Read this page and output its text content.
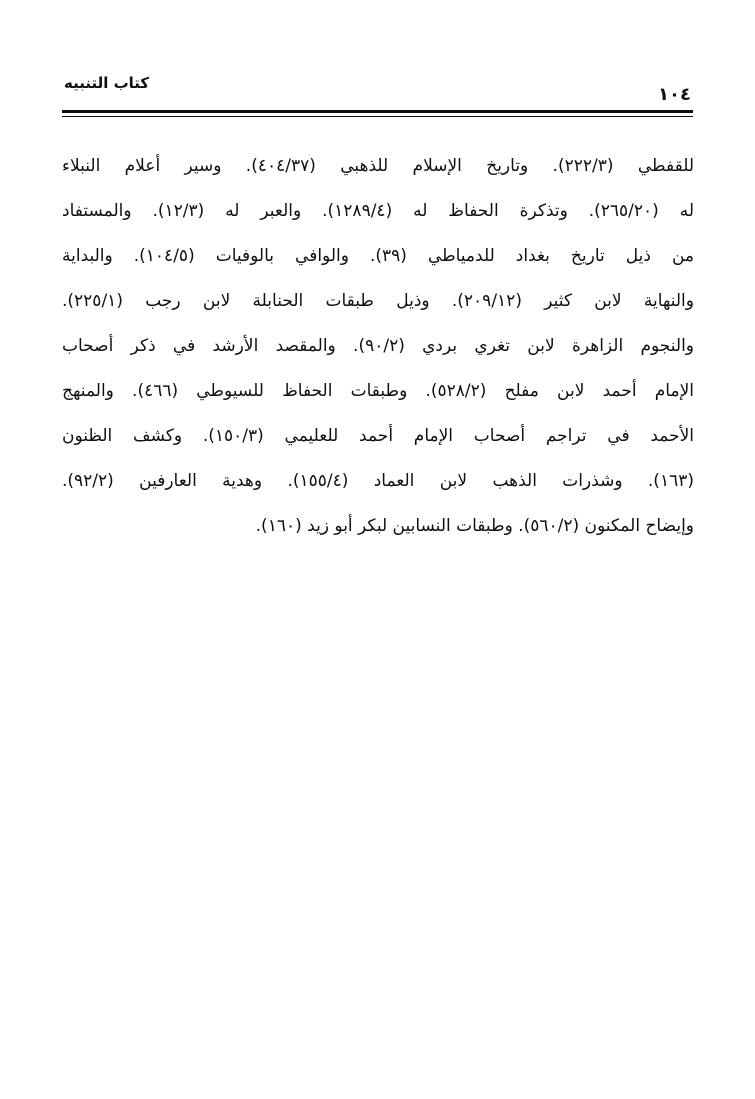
كتاب التنبيه
١٠٤
للقفطي (٢٢٢/٣). وتاريخ الإسلام للذهبي (٤٠٤/٣٧). وسير أعلام النبلاء
له (٢٦٥/٢٠). وتذكرة الحفاظ له (١٢٨٩/٤). والعبر له (١٢/٣). والمستفاد
من ذيل تاريخ بغداد للدمياطي (٣٩). والوافي بالوفيات (١٠٤/٥). والبداية
والنهاية لابن كثير (٢٠٩/١٢). وذيل طبقات الحنابلة لابن رجب (٢٢٥/١).
والنجوم الزاهرة لابن تغري بردي (٩٠/٢). والمقصد الأرشد في ذكر أصحاب
الإمام أحمد لابن مفلح (٥٢٨/٢). وطبقات الحفاظ للسيوطي (٤٦٦). والمنهج
الأحمد في تراجم أصحاب الإمام أحمد للعليمي (١٥٠/٣). وكشف الظنون
(١٦٣). وشذرات الذهب لابن العماد (١٥٥/٤). وهدية العارفين (٩٢/٢).
وإيضاح المكنون (٥٦٠/٢). وطبقات النسابين لبكر أبو زيد (١٦٠).
